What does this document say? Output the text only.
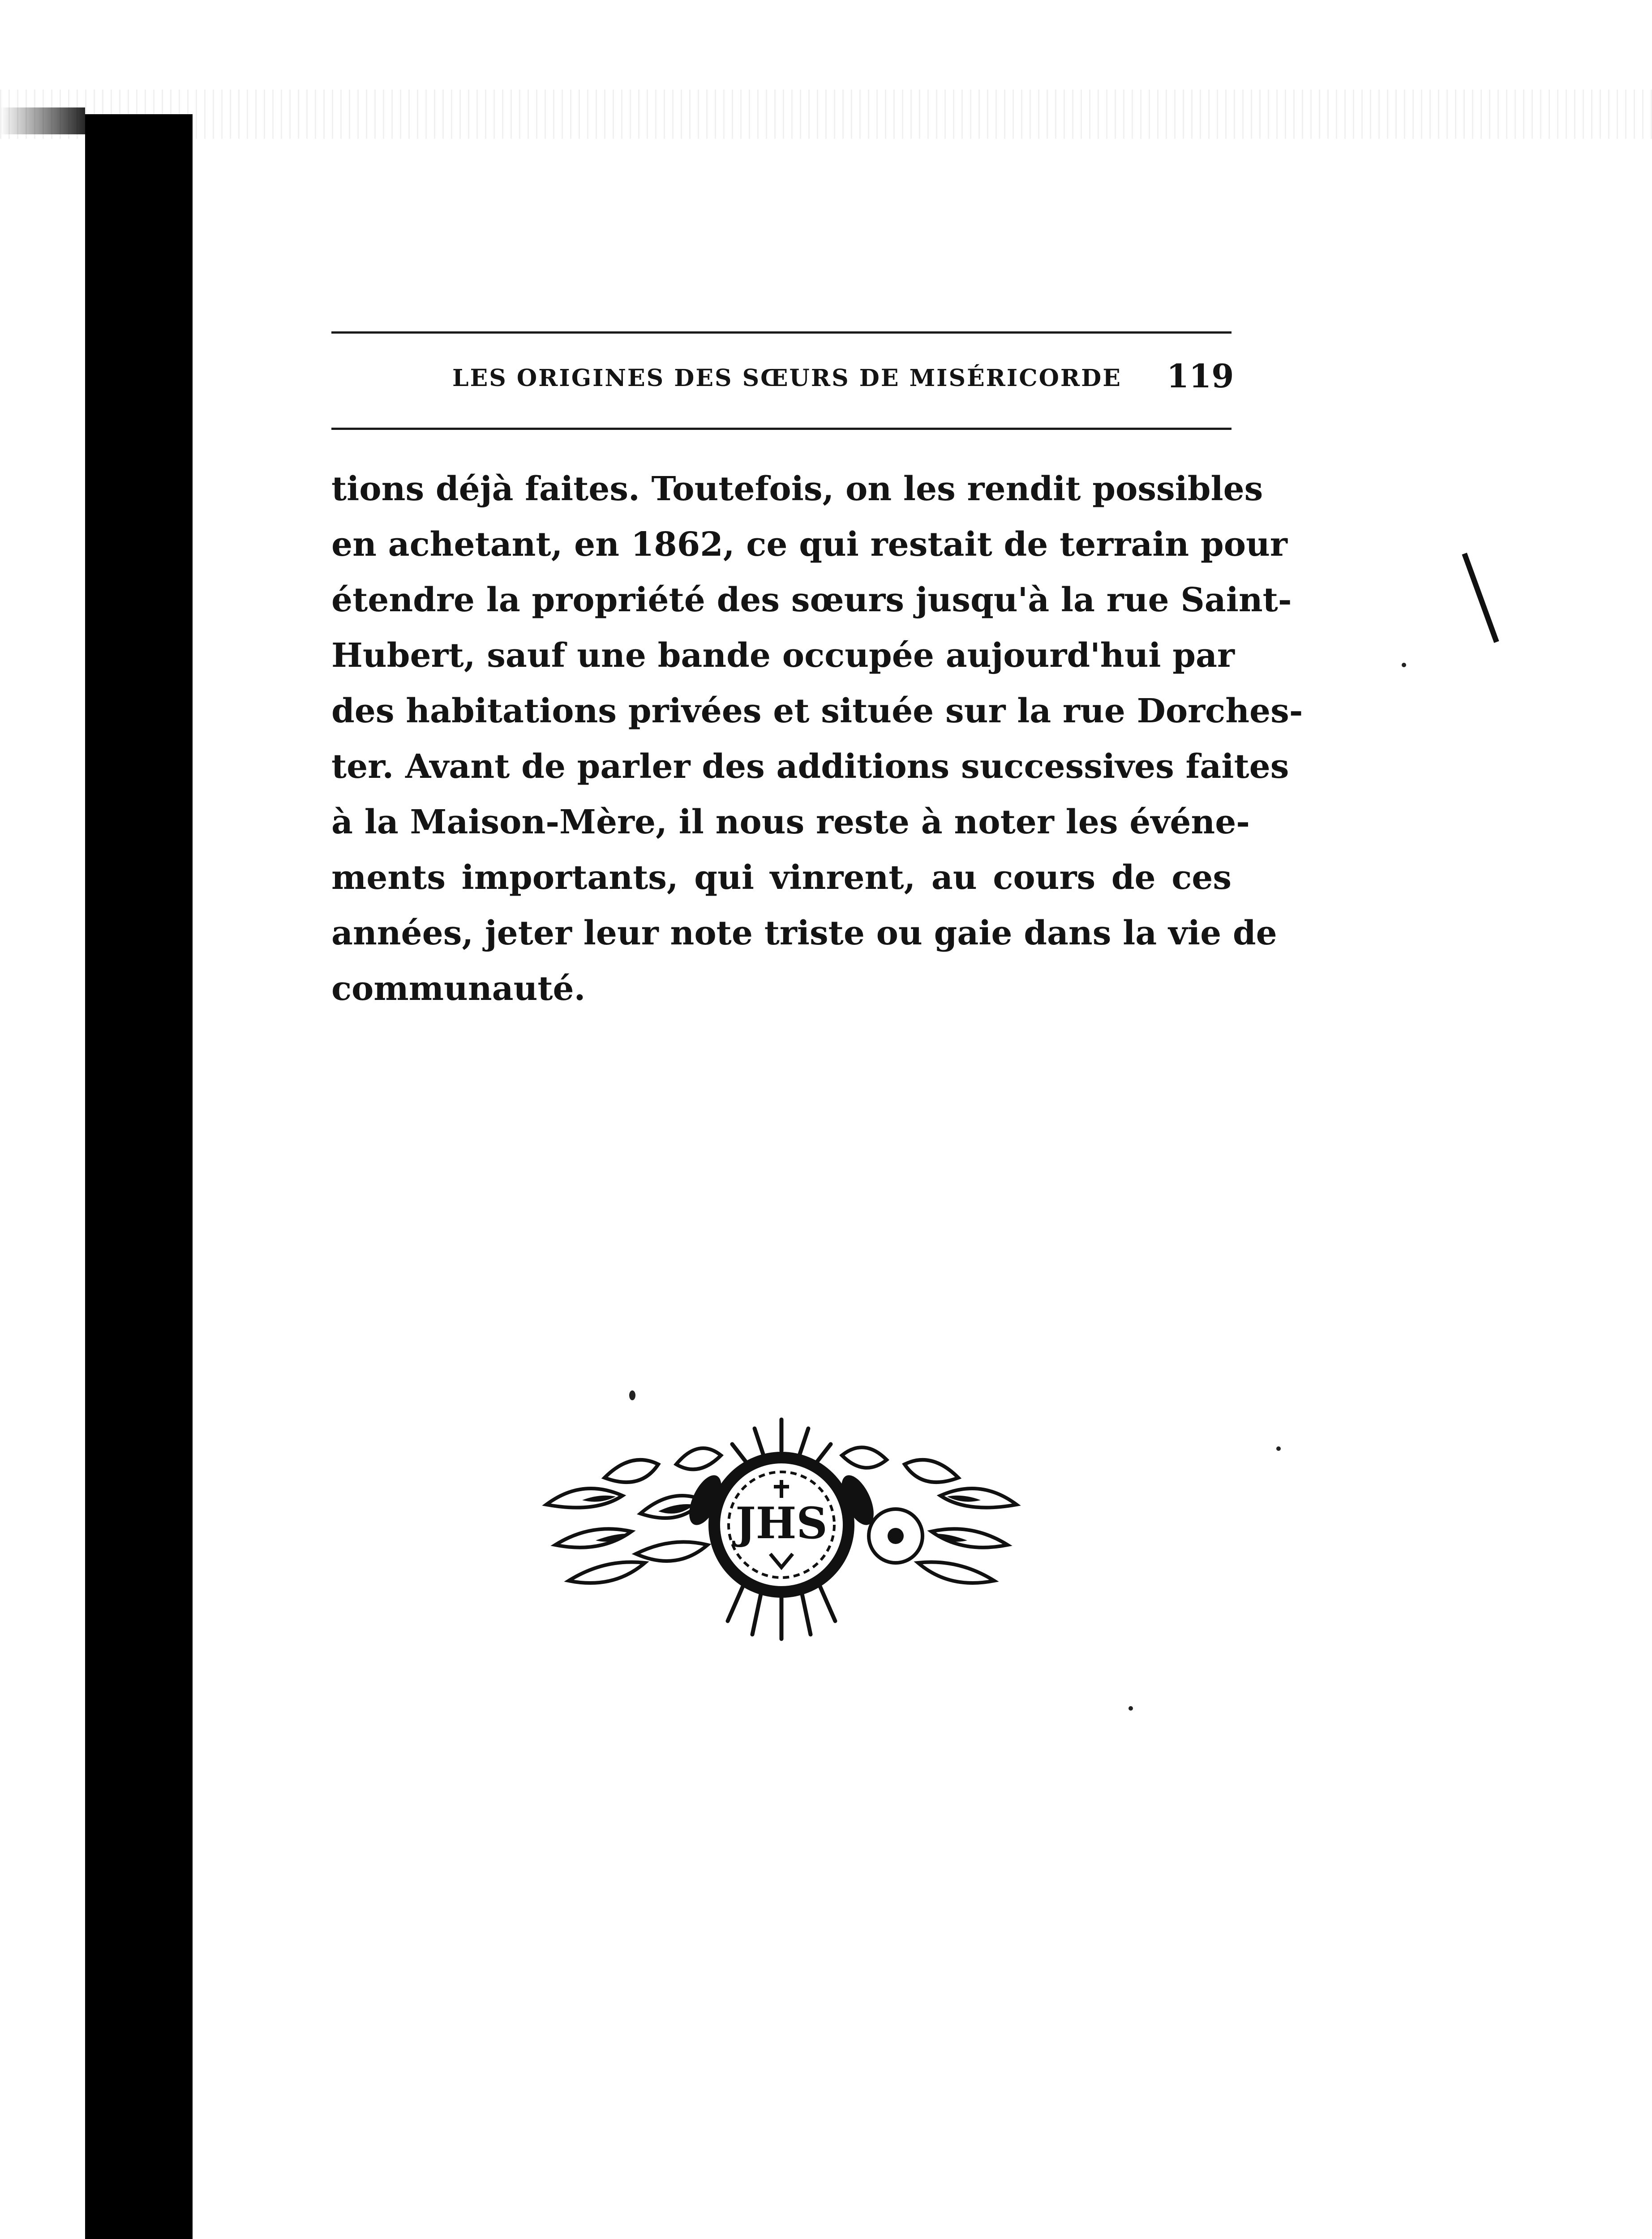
LES ORIGINES DES SŒURS DE MISÉRICORDE 119
tions déjà faites. Toutefois, on les rendit possibles
en achetant, en 1862, ce qui restait de terrain pour
étendre la propriété des sœurs jusqu'à la rue Saint-
Hubert, sauf une bande occupée aujourd'hui par
des habitations privées et située sur la rue Dorches-
ter. Avant de parler des additions successives faites
à la Maison-Mère, il nous reste à noter les événe-
ments importants, qui vinrent, au cours de ces
années, jeter leur note triste ou gaie dans la vie de
communauté.
JHS
